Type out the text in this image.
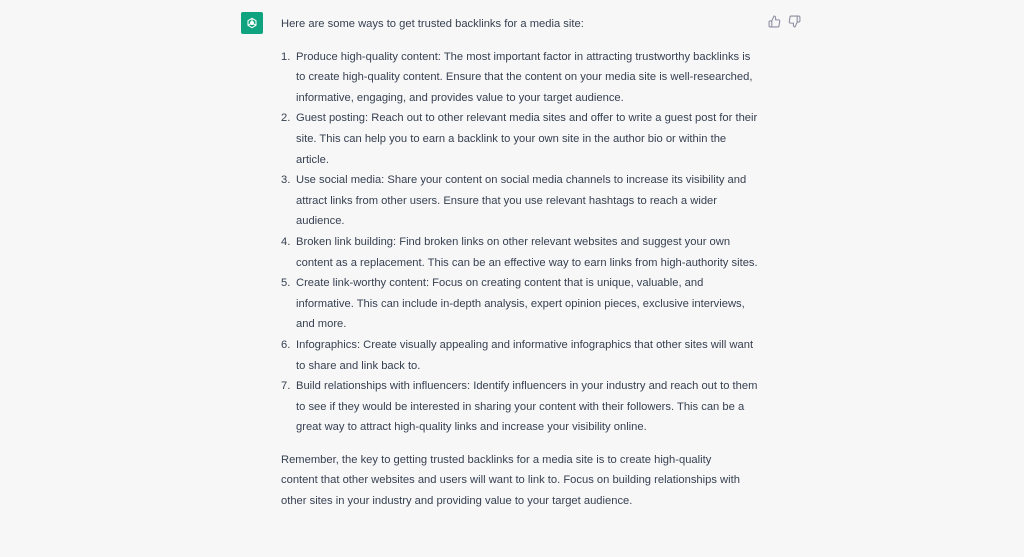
Here are some ways to get trusted backlinks for a media site:

1. Produce high-quality content: The most important factor in attracting trustworthy backlinks is to create high-quality content. Ensure that the content on your media site is well-researched, informative, engaging, and provides value to your target audience.
2. Guest posting: Reach out to other relevant media sites and offer to write a guest post for their site. This can help you to earn a backlink to your own site in the author bio or within the article.
3. Use social media: Share your content on social media channels to increase its visibility and attract links from other users. Ensure that you use relevant hashtags to reach a wider audience.
4. Broken link building: Find broken links on other relevant websites and suggest your own content as a replacement. This can be an effective way to earn links from high-authority sites.
5. Create link-worthy content: Focus on creating content that is unique, valuable, and informative. This can include in-depth analysis, expert opinion pieces, exclusive interviews, and more.
6. Infographics: Create visually appealing and informative infographics that other sites will want to share and link back to.
7. Build relationships with influencers: Identify influencers in your industry and reach out to them to see if they would be interested in sharing your content with their followers. This can be a great way to attract high-quality links and increase your visibility online.

Remember, the key to getting trusted backlinks for a media site is to create high-quality content that other websites and users will want to link to. Focus on building relationships with other sites in your industry and providing value to your target audience.
